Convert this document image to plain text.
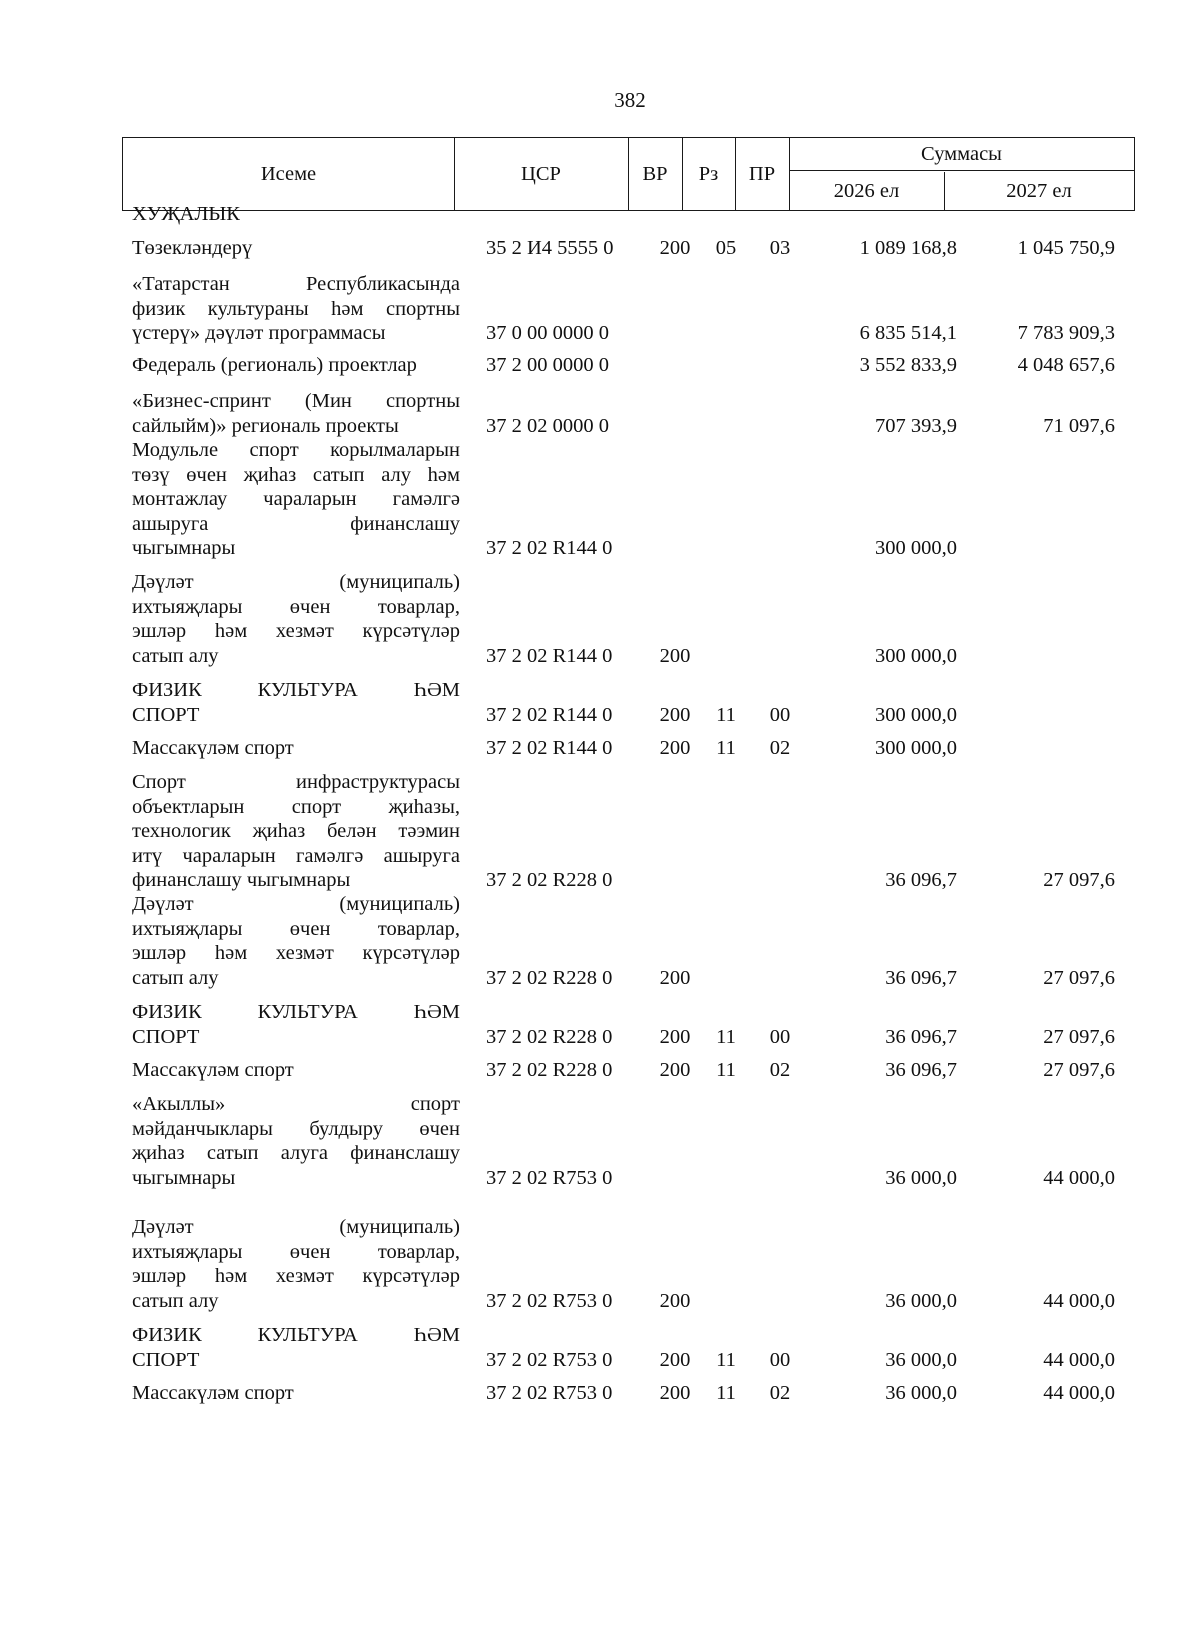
382
Исеме	ЦСР	ВР	Рз	ПР
Суммасы
2026 ел	2027 ел
ХУҖАЛЫК
Төзекләндерү	35 2 И4 5555 0	200	05	03	1 089 168,8	1 045 750,9
«Татарстан Республикасында
физик культураны һәм спортны
үстерү» дәүләт программасы	37 0 00 0000 0	6 835 514,1	7 783 909,3
Федераль (региональ) проектлар	37 2 00 0000 0	3 552 833,9	4 048 657,6
«Бизнес-спринт (Мин спортны
сайлыйм)» региональ проекты	37 2 02 0000 0	707 393,9	71 097,6
Модульле спорт корылмаларын
төзү өчен җиһаз сатып алу һәм
монтажлау чараларын гамәлгә
ашыруга финанслашу
чыгымнары	37 2 02 R144 0	300 000,0
Дәүләт (муниципаль)
ихтыяҗлары өчен товарлар,
эшләр һәм хезмәт күрсәтүләр
сатып алу	37 2 02 R144 0	200	300 000,0
ФИЗИК КУЛЬТУРА ҺӘМ
СПОРТ	37 2 02 R144 0	200	11	00	300 000,0
Массакүләм спорт	37 2 02 R144 0	200	11	02	300 000,0
Спорт инфраструктурасы
объектларын спорт җиһазы,
технологик җиһаз белән тәэмин
итү чараларын гамәлгә ашыруга
финанслашу чыгымнары	37 2 02 R228 0	36 096,7	27 097,6
Дәүләт (муниципаль)
ихтыяҗлары өчен товарлар,
эшләр һәм хезмәт күрсәтүләр
сатып алу	37 2 02 R228 0	200	36 096,7	27 097,6
ФИЗИК КУЛЬТУРА ҺӘМ
СПОРТ	37 2 02 R228 0	200	11	00	36 096,7	27 097,6
Массакүләм спорт	37 2 02 R228 0	200	11	02	36 096,7	27 097,6
«Акыллы» спорт
мәйданчыклары булдыру өчен
җиһаз сатып алуга финанслашу
чыгымнары	37 2 02 R753 0	36 000,0	44 000,0
Дәүләт (муниципаль)
ихтыяҗлары өчен товарлар,
эшләр һәм хезмәт күрсәтүләр
сатып алу	37 2 02 R753 0	200	36 000,0	44 000,0
ФИЗИК КУЛЬТУРА ҺӘМ
СПОРТ	37 2 02 R753 0	200	11	00	36 000,0	44 000,0
Массакүләм спорт	37 2 02 R753 0	200	11	02	36 000,0	44 000,0
